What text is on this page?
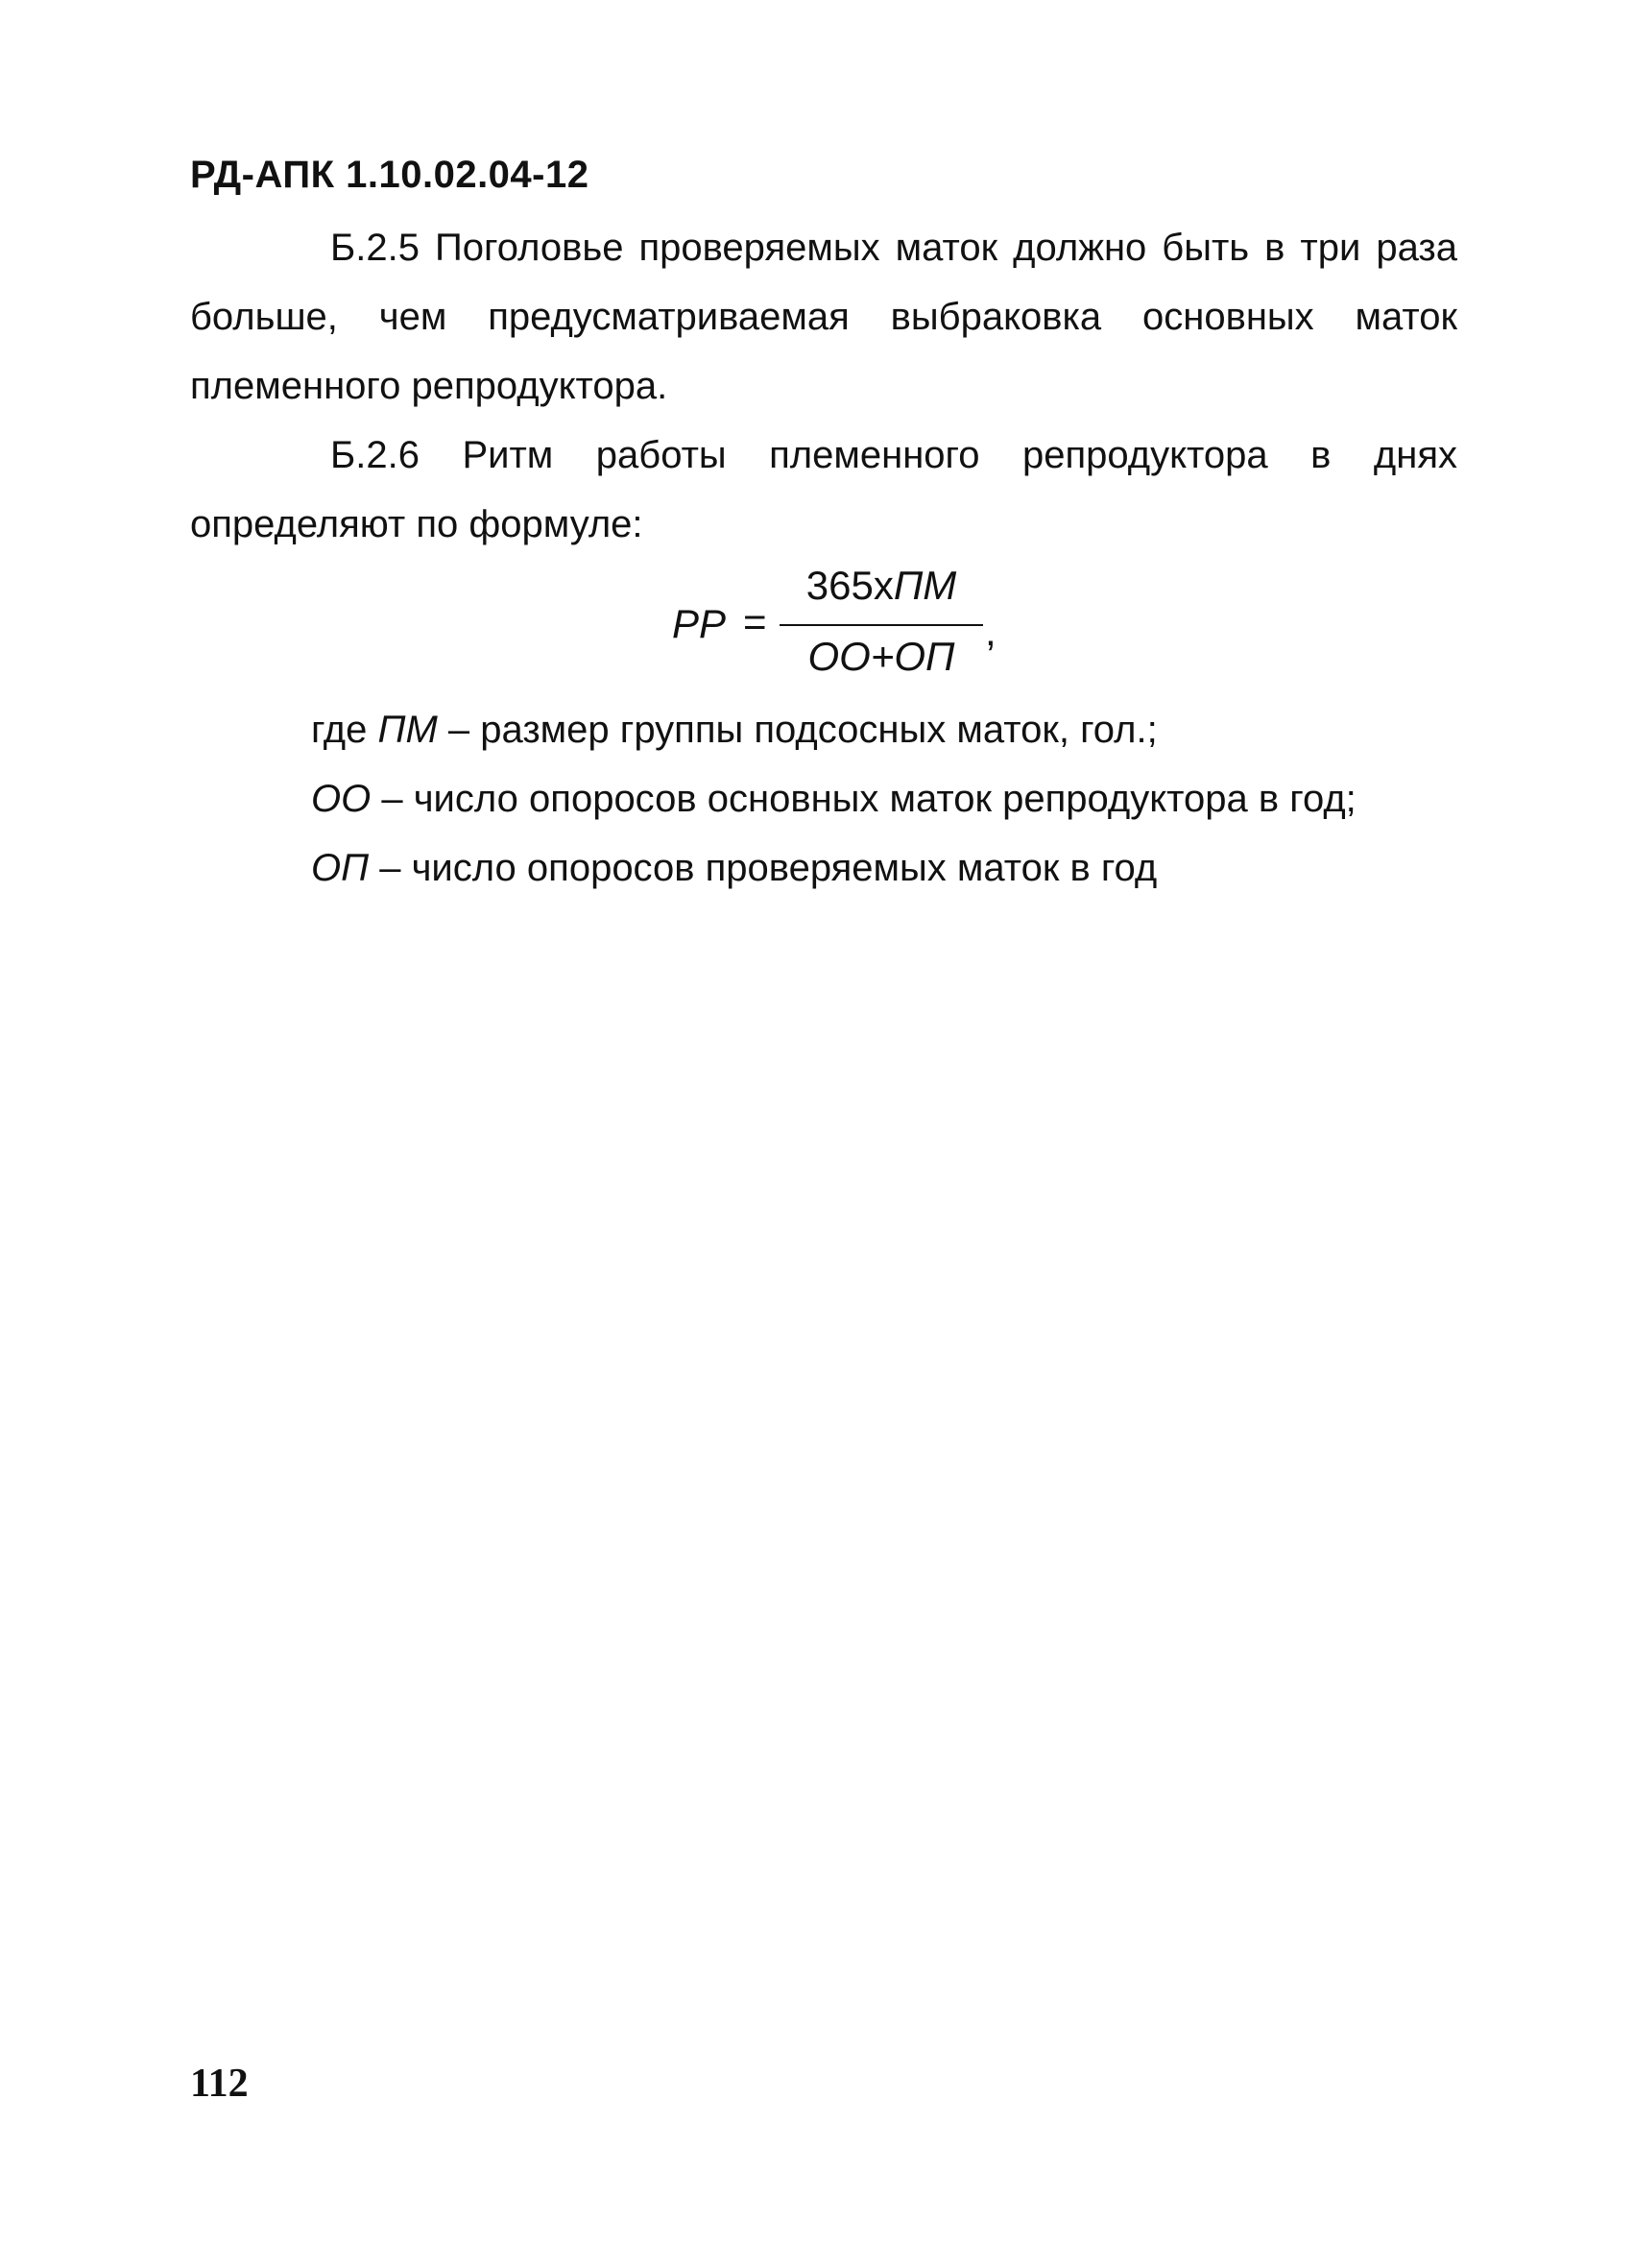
РД-АПК 1.10.02.04-12

Б.2.5 Поголовье проверяемых маток должно быть в три раза больше, чем предусматриваемая выбраковка основных маток племенного репродуктора.

Б.2.6 Ритм работы племенного репродуктора в днях определяют по формуле:

РР =
365хПМ
ОО+ОП
,
где ПМ – размер группы подсосных маток, гол.;
ОО – число опоросов основных маток репродуктора в год;
ОП – число опоросов проверяемых маток в год
112
